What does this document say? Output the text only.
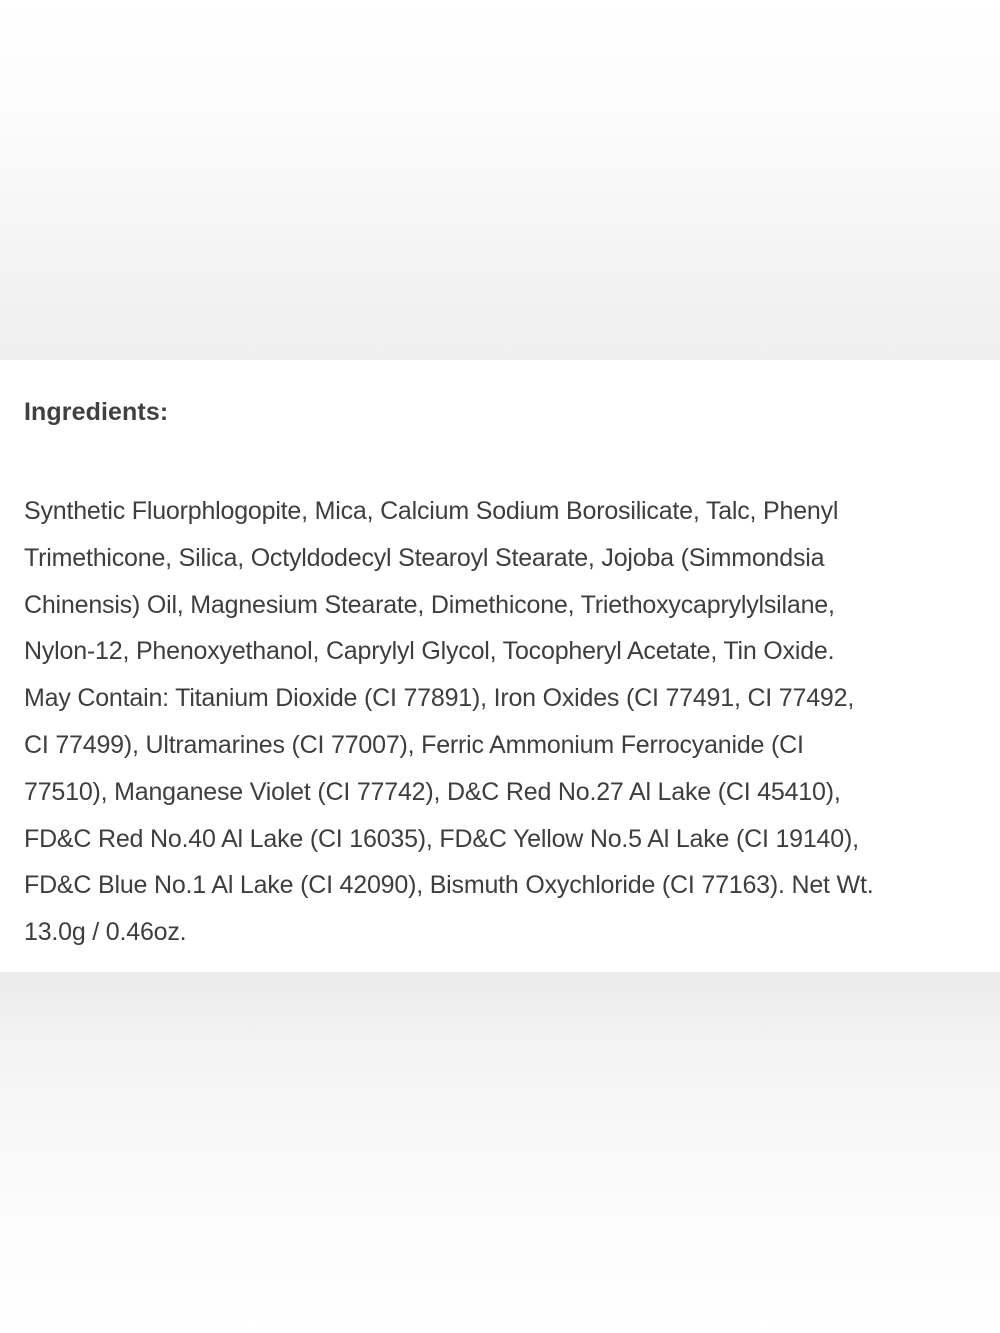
Ingredients:

Synthetic Fluorphlogopite, Mica, Calcium Sodium Borosilicate, Talc, Phenyl
Trimethicone, Silica, Octyldodecyl Stearoyl Stearate, Jojoba (Simmondsia
Chinensis) Oil, Magnesium Stearate, Dimethicone, Triethoxycaprylylsilane,
Nylon-12, Phenoxyethanol, Caprylyl Glycol, Tocopheryl Acetate, Tin Oxide.
May Contain: Titanium Dioxide (CI 77891), Iron Oxides (CI 77491, CI 77492,
CI 77499), Ultramarines (CI 77007), Ferric Ammonium Ferrocyanide (CI
77510), Manganese Violet (CI 77742), D&C Red No.27 Al Lake (CI 45410),
FD&C Red No.40 Al Lake (CI 16035), FD&C Yellow No.5 Al Lake (CI 19140),
FD&C Blue No.1 Al Lake (CI 42090), Bismuth Oxychloride (CI 77163). Net Wt.
13.0g / 0.46oz.
